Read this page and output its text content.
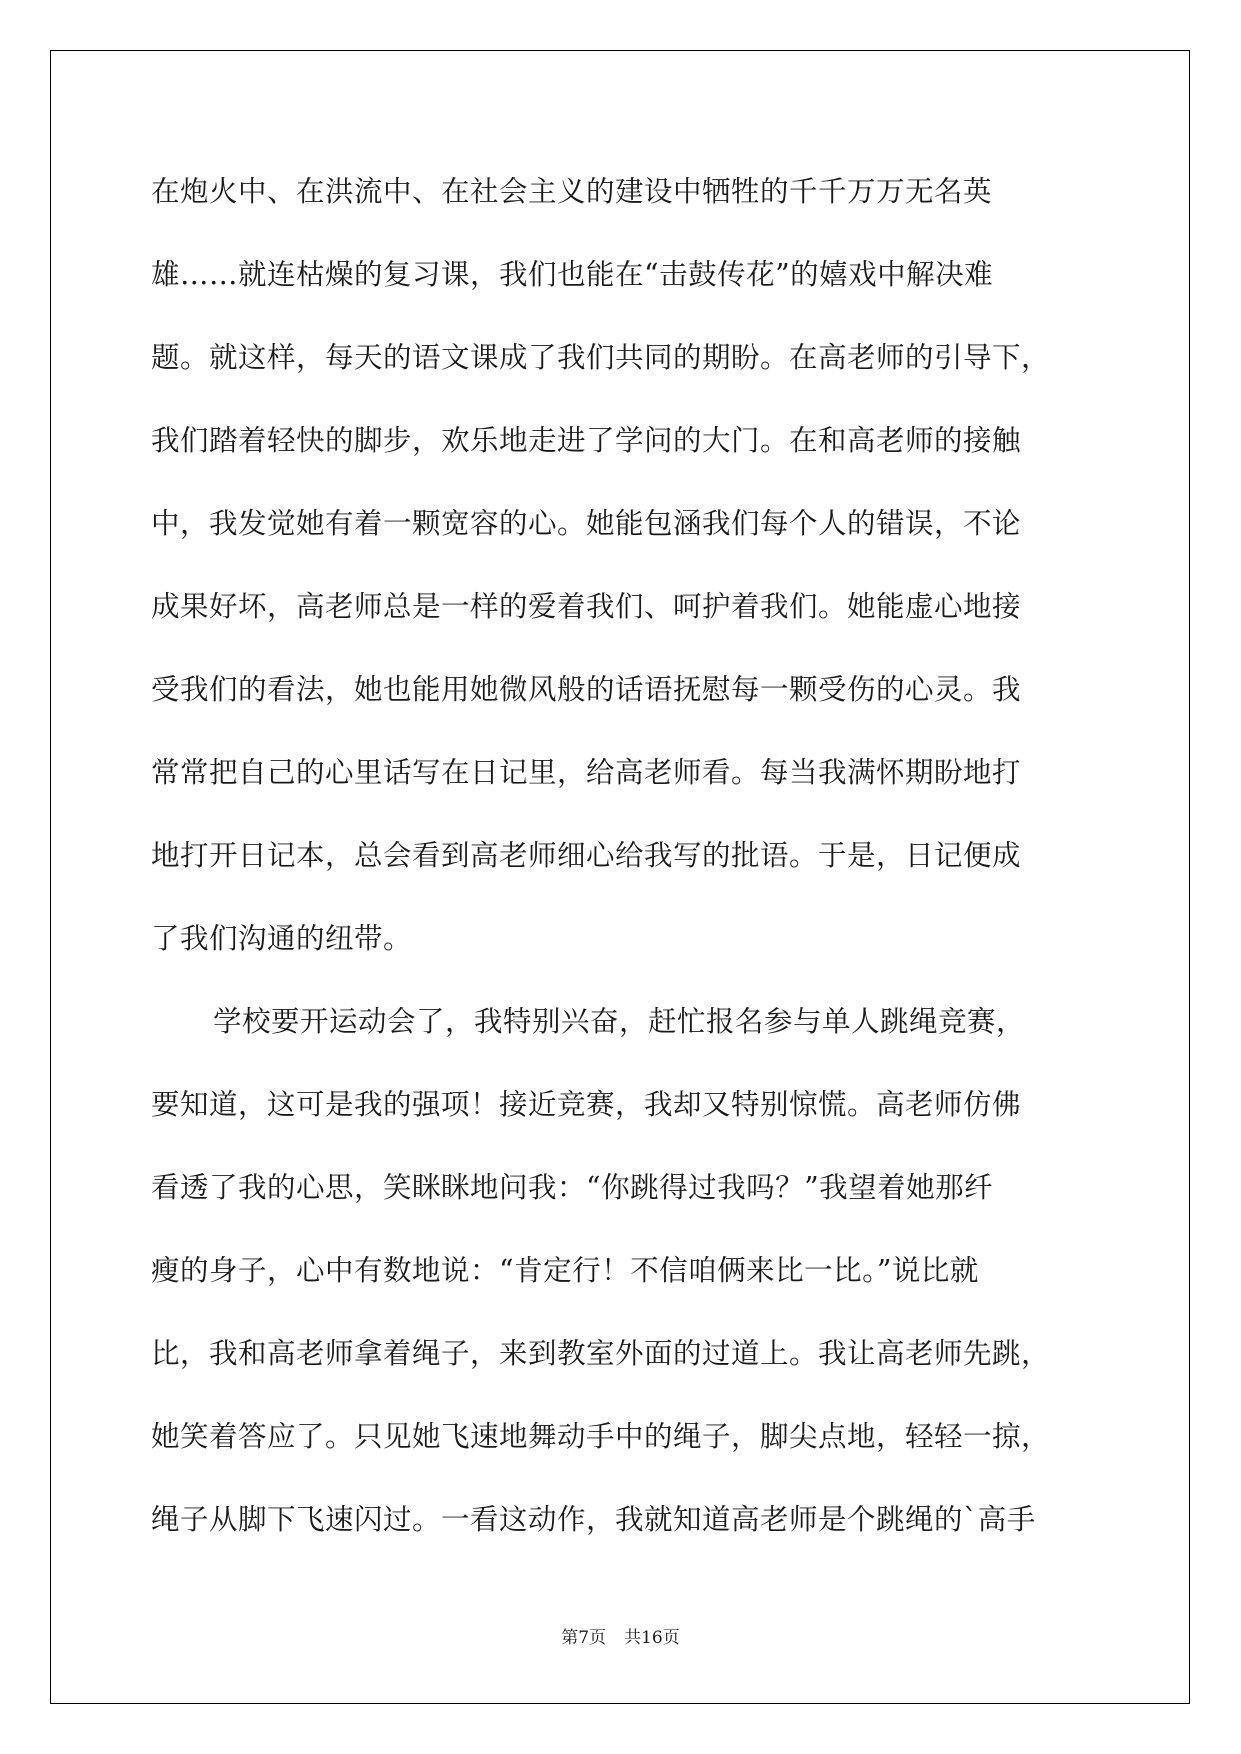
在炮火中、在洪流中、在社会主义的建设中牺牲的千千万万无名英
雄……就连枯燥的复习课，我们也能在“击鼓传花”的嬉戏中解决难
题。就这样，每天的语文课成了我们共同的期盼。在高老师的引导下，
我们踏着轻快的脚步，欢乐地走进了学问的大门。在和高老师的接触
中，我发觉她有着一颗宽容的心。她能包涵我们每个人的错误，不论
成果好坏，高老师总是一样的爱着我们、呵护着我们。她能虚心地接
受我们的看法，她也能用她微风般的话语抚慰每一颗受伤的心灵。我
常常把自己的心里话写在日记里，给高老师看。每当我满怀期盼地打
地打开日记本，总会看到高老师细心给我写的批语。于是，日记便成
了我们沟通的纽带。
学校要开运动会了，我特别兴奋，赶忙报名参与单人跳绳竞赛，
要知道，这可是我的强项！接近竞赛，我却又特别惊慌。高老师仿佛
看透了我的心思，笑眯眯地问我：“你跳得过我吗？”我望着她那纤
瘦的身子，心中有数地说：“肯定行！不信咱俩来比一比。”说比就
比，我和高老师拿着绳子，来到教室外面的过道上。我让高老师先跳，
她笑着答应了。只见她飞速地舞动手中的绳子，脚尖点地，轻轻一掠，
绳子从脚下飞速闪过。一看这动作，我就知道高老师是个跳绳的`高手
第7页 共16页
